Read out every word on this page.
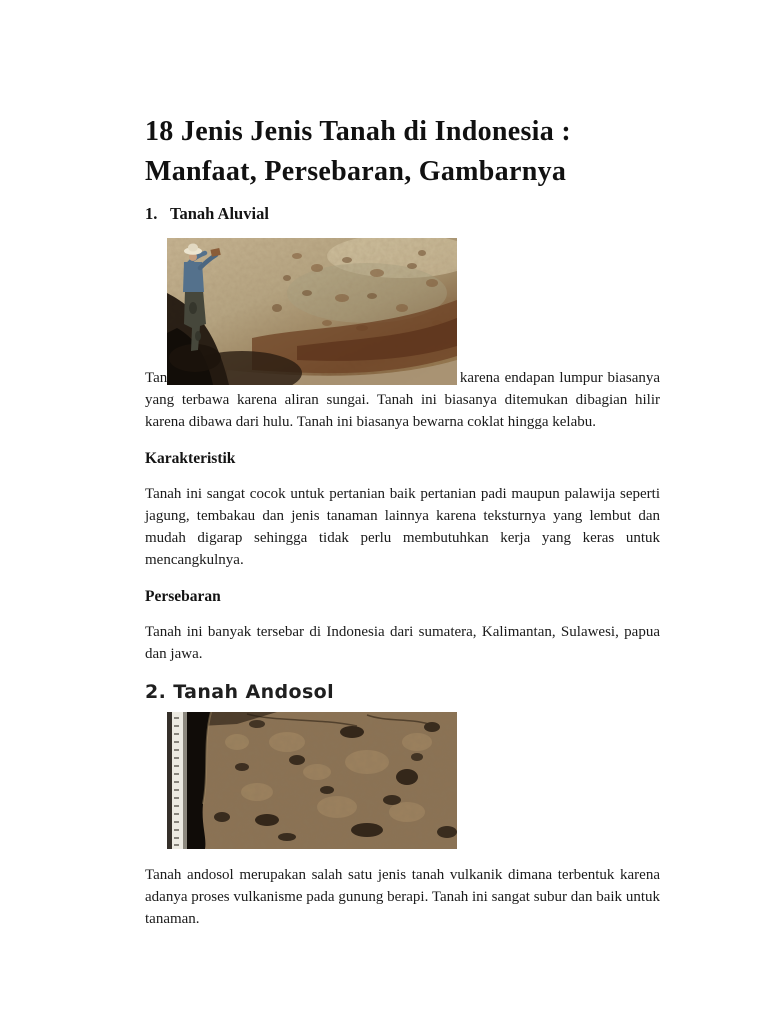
18 Jenis Jenis Tanah di Indonesia :
Manfaat, Persebaran, Gambarnya
1. Tanah Aluvial

Tan	karena endapan lumpur biasanya yang terbawa karena aliran sungai. Tanah ini biasanya ditemukan dibagian hilir karena dibawa dari hulu. Tanah ini biasanya bewarna coklat hingga kelabu.

Karakteristik

Tanah ini sangat cocok untuk pertanian baik pertanian padi maupun palawija seperti jagung, tembakau dan jenis tanaman lainnya karena teksturnya yang lembut dan mudah digarap sehingga tidak perlu membutuhkan kerja yang keras untuk mencangkulnya.

Persebaran

Tanah ini banyak tersebar di Indonesia dari sumatera, Kalimantan, Sulawesi, papua dan jawa.

2. Tanah Andosol

Tanah andosol merupakan salah satu jenis tanah vulkanik dimana terbentuk karena adanya proses vulkanisme pada gunung berapi. Tanah ini sangat subur dan baik untuk tanaman.
